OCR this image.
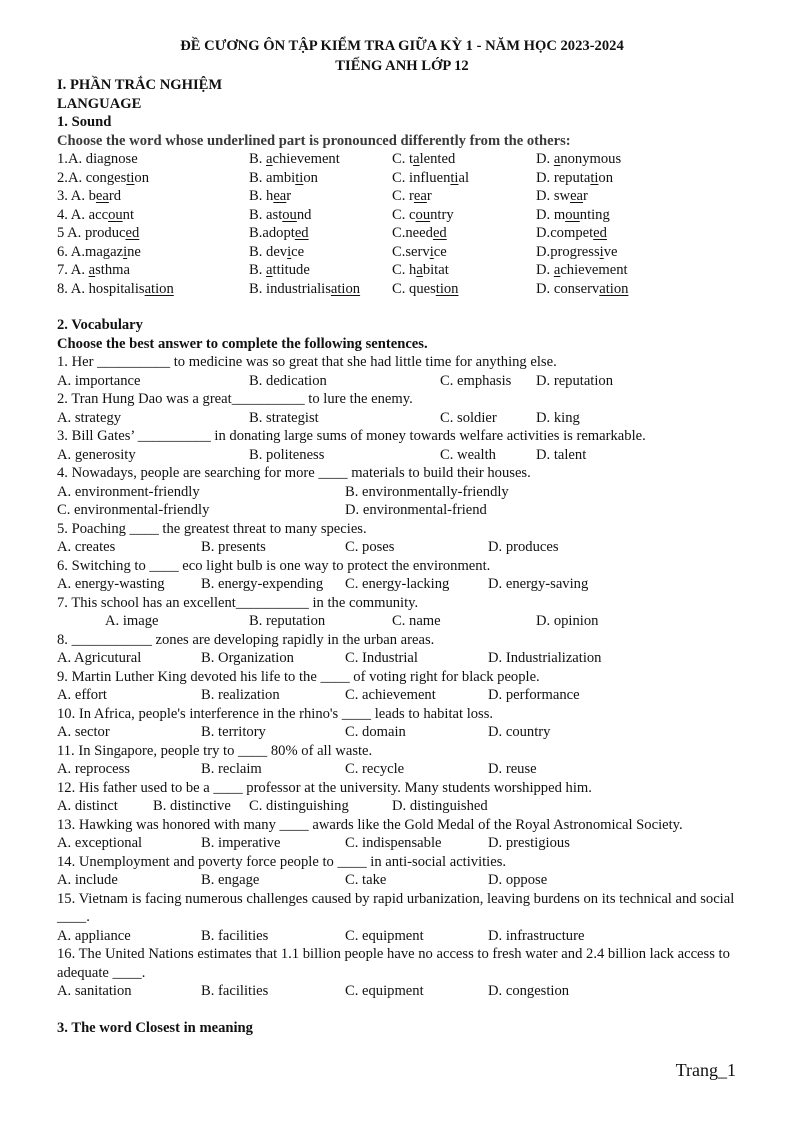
ĐỀ CƯƠNG ÔN TẬP KIỂM TRA GIỮA KỲ 1 - NĂM HỌC 2023-2024
TIẾNG ANH LỚP 12
I. PHẦN TRẮC NGHIỆM
LANGUAGE
1. Sound
Choose the word whose underlined part is pronounced differently from the others:
1.A. diagnose	B. achievement	C. talented	D. anonymous
2.A. congestion	B. ambition	C. influential	D. reputation
3. A. beard	B. hear	C. rear	D. swear
4. A. account	B. astound	C. country	D. mounting
5 A. produced	B.adopted	C.needed	D.competed
6. A.magazine	B. device	C.service	D.progressive
7. A. asthma	B. attitude	C. habitat	D. achievement
8. A. hospitalisation	B. industrialisation C. question	D. conservation
2. Vocabulary
Choose the best answer to complete the following sentences.
1. Her __________ to medicine was so great that she had little time for anything else.
A. importance	B. dedication	C. emphasis D. reputation
2. Tran Hung Dao was a great__________ to lure the enemy.
A. strategy	B. strategist	C. soldier	D. king
3. Bill Gates’ __________ in donating large sums of money towards welfare activities is remarkable.
A. generosity	B. politeness	C. wealth	D. talent
4. Nowadays, people are searching for more ____ materials to build their houses.
A. environment-friendly	B. environmentally-friendly
C. environmental-friendly	D. environmental-friend
5. Poaching ____ the greatest threat to many species.
A. creates	B. presents	C. poses	D. produces
6. Switching to ____ eco light bulb is one way to protect the environment.
A. energy-wasting B. energy-expending C. energy-lacking	D. energy-saving
7. This school has an excellent__________ in the community.
A. image	B. reputation	C. name	D. opinion
8. ___________ zones are developing rapidly in the urban areas.
A. Agricutural	B. Organization	C. Industrial	D. Industrialization
9. Martin Luther King devoted his life to the ____ of voting right for black people.
A. effort	B. realization	C. achievement	D. performance
10. In Africa, people's interference in the rhino's ____ leads to habitat loss.
A. sector	B. territory	C. domain	D. country
11. In Singapore, people try to ____ 80% of all waste.
A. reprocess	B. reclaim	C. recycle	D. reuse
12. His father used to be a ____ professor at the university. Many students worshipped him.
A. distinct B. distinctive C. distinguishing	D. distinguished
13. Hawking was honored with many ____ awards like the Gold Medal of the Royal Astronomical Society.
A. exceptional	B. imperative	C. indispensable	D. prestigious
14. Unemployment and poverty force people to ____ in anti-social activities.
A. include	B. engage	C. take	D. oppose
15. Vietnam is facing numerous challenges caused by rapid urbanization, leaving burdens on its technical and social ____.
A. appliance	B. facilities	C. equipment	D. infrastructure
16. The United Nations estimates that 1.1 billion people have no access to fresh water and 2.4 billion lack access to adequate ____.
A. sanitation	B. facilities	C. equipment	D. congestion
3. The word Closest in meaning
Trang_1
